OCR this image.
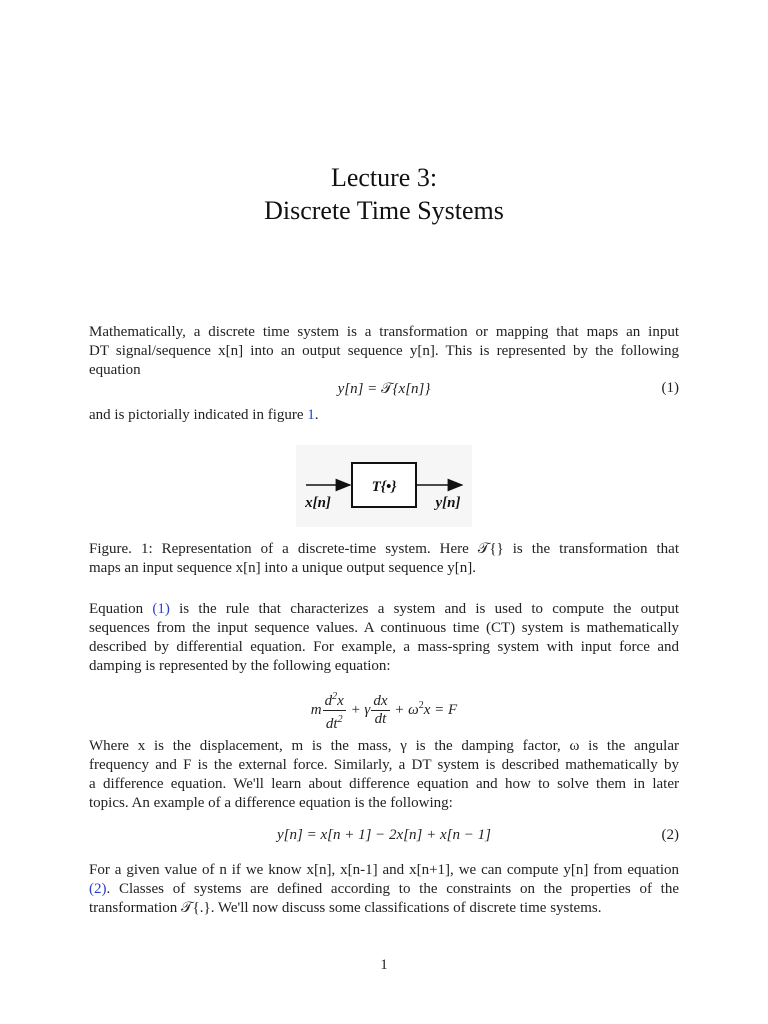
Lecture 3:
Discrete Time Systems
Mathematically, a discrete time system is a transformation or mapping that maps an input
DT signal/sequence x[n] into an output sequence y[n]. This is represented by the following
equation
y[n] = 𝒯{x[n]}	(1)
and is pictorially indicated in figure 1.
T{•}
x[n]	y[n]
Figure. 1: Representation of a discrete-time system. Here 𝒯{} is the transformation that
maps an input sequence x[n] into a unique output sequence y[n].
Equation (1) is the rule that characterizes a system and is used to compute the output
sequences from the input sequence values. A continuous time (CT) system is mathematically
described by differential equation. For example, a mass-spring system with input force and
damping is represented by the following equation:
m $\frac{d^2x}{dt^2} + \gamma \frac{dx}{dt} + \omega^2x = F$
Where x is the displacement, m is the mass, γ is the damping factor, ω is the angular
frequency and F is the external force. Similarly, a DT system is described mathematically by
a difference equation. We'll learn about difference equation and how to solve them in later
topics. An example of a difference equation is the following:
y[n] = x[n + 1] − 2x[n] + x[n − 1]	(2)
For a given value of n if we know x[n], x[n-1] and x[n+1], we can compute y[n] from equation
(2). Classes of systems are defined according to the constraints on the properties of the
transformation 𝒯{.}. We'll now discuss some classifications of discrete time systems.
1
